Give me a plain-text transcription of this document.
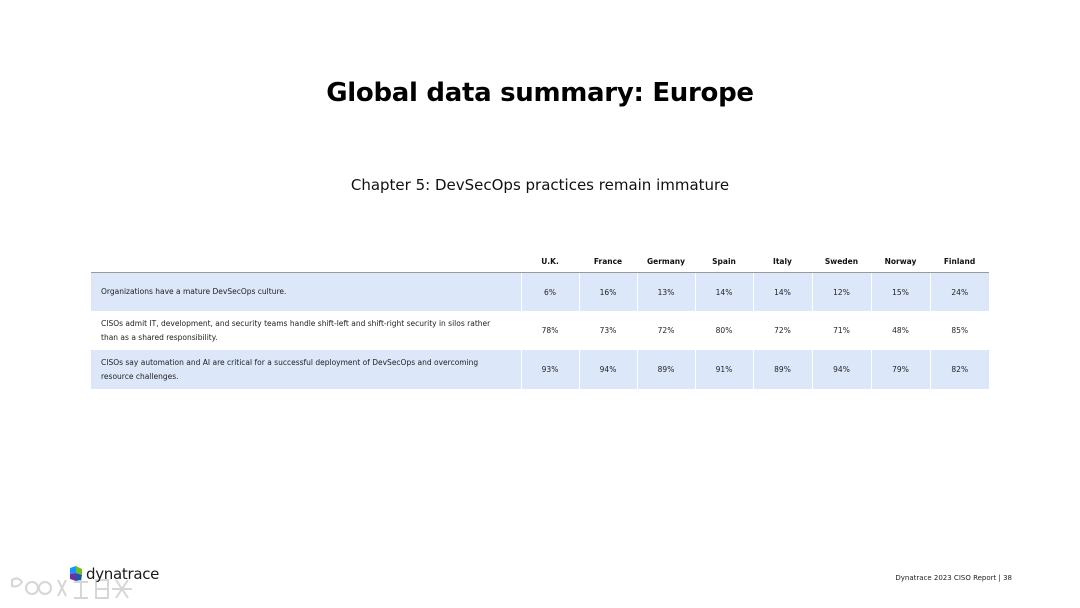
Global data summary: Europe
Chapter 5: DevSecOps practices remain immature
	U.K.	France	Germany	Spain	Italy	Sweden	Norway	Finland
Organizations have a mature DevSecOps culture.	6%	16%	13%	14%	14%	12%	15%	24%
CISOs admit IT, development, and security teams handle shift-left and shift-right security in silos rather than as a shared responsibility.	78%	73%	72%	80%	72%	71%	48%	85%
CISOs say automation and AI are critical for a successful deployment of DevSecOps and overcoming resource challenges.	93%	94%	89%	91%	89%	94%	79%	82%
dynatrace	Dynatrace 2023 CISO Report | 38
